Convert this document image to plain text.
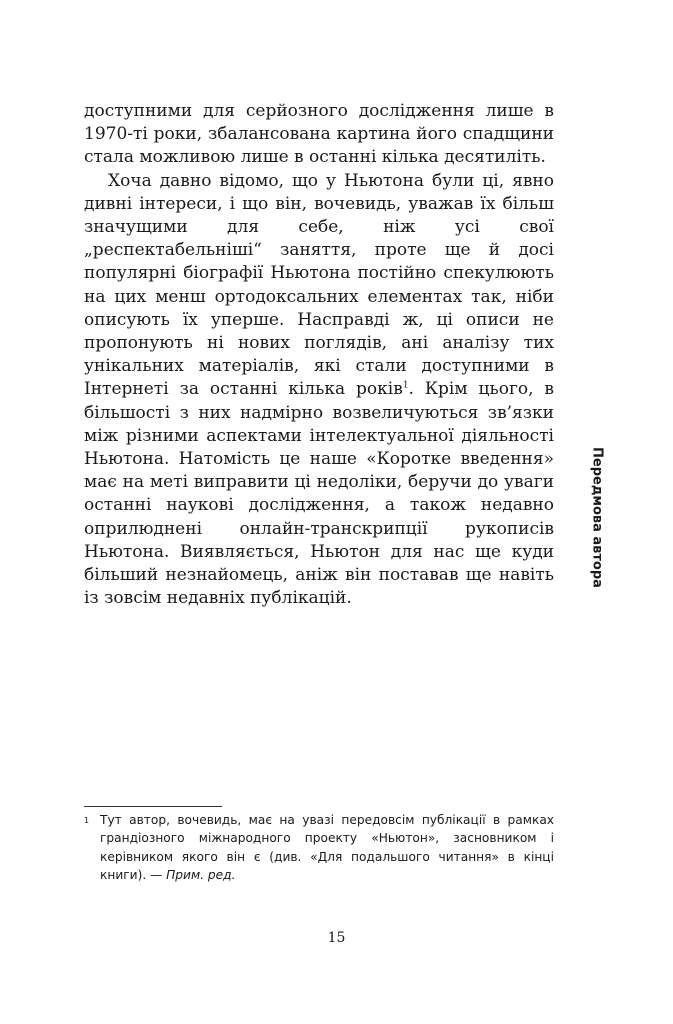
доступними для серйозного дослідження лише в 1970-ті роки, збалансована картина його спадщини стала можливою лише в останні кілька десятиліть.

Хоча давно відомо, що у Ньютона були ці, явно дивні інтереси, і що він, вочевидь, уважав їх більш значущими для себе, ніж усі свої „респектабельніші“ заняття, проте ще й досі популярні біографії Ньютона постійно спекулюють на цих менш ортодоксальних елементах так, ніби описують їх уперше. Насправді ж, ці описи не пропонують ні нових поглядів, ані аналізу тих унікальних матеріалів, які стали доступними в Інтернеті за останні кілька років$^1$. Крім цього, в більшості з них надмірно возвеличуються зв’язки між різними аспектами інтелектуальної діяльності Ньютона. Натомість це наше «Коротке введення» має на меті виправити ці недоліки, беручи до уваги останні наукові дослідження, а також недавно оприлюднені онлайн-транскрипції рукописів Ньютона. Виявляється, Ньютон для нас ще куди більший незнайомець, аніж він поставав ще навіть із зовсім недавніх публікацій.

Передмова автора
1 Тут автор, вочевидь, має на увазі передовсім публікації в рамках грандіозного міжнародного проекту «Ньютон», засновником і керівником якого він є (див. «Для подальшого читання» в кінці книги). — Прим. ред.
15
